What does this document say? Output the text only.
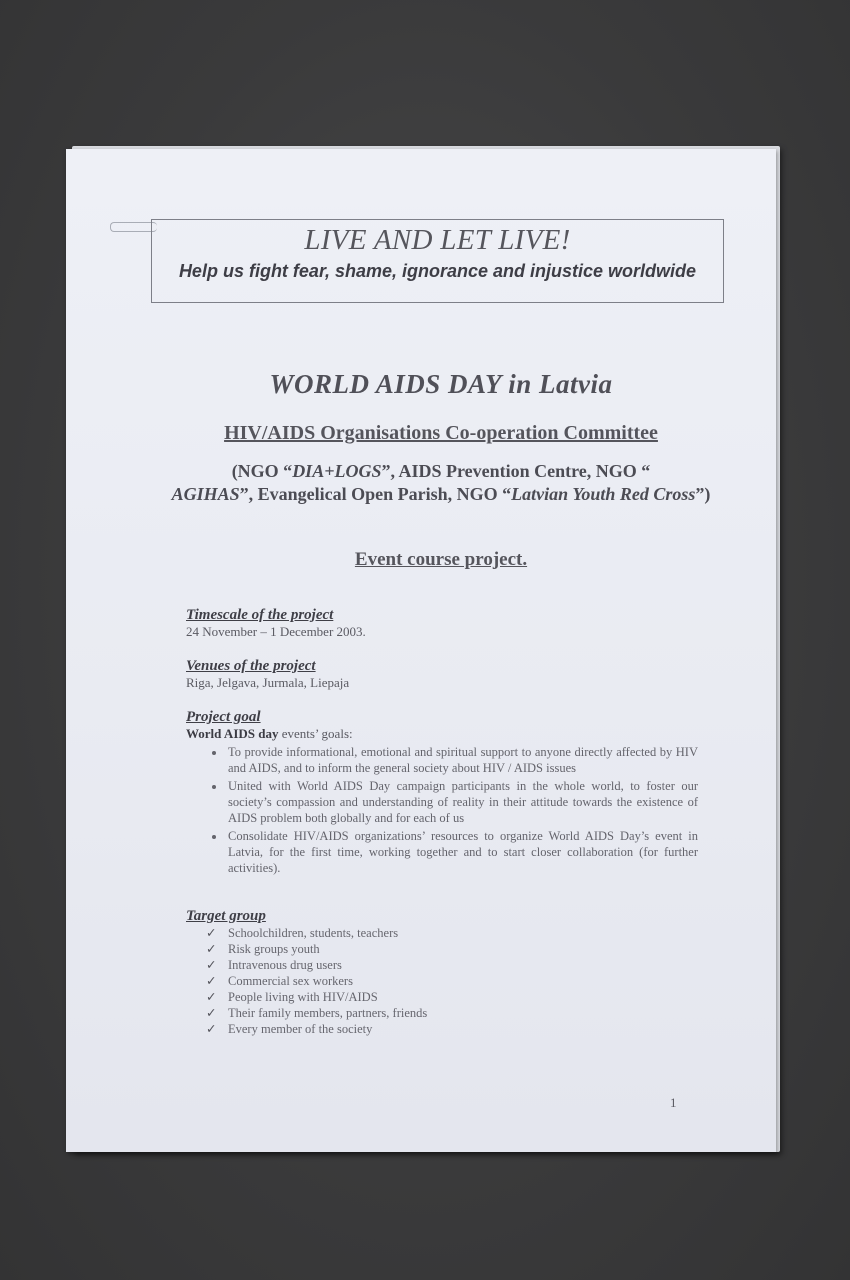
LIVE AND LET LIVE!
Help us fight fear, shame, ignorance and injustice worldwide
WORLD AIDS DAY in Latvia
HIV/AIDS Organisations Co-operation Committee
(NGO “DIA+LOGS”, AIDS Prevention Centre, NGO “
AGIHAS”, Evangelical Open Parish, NGO “Latvian Youth Red Cross”)
Event course project.
Timescale of the project
24 November – 1 December 2003.
Venues of the project
Riga, Jelgava, Jurmala, Liepaja
Project goal
World AIDS day events’ goals:
• To provide informational, emotional and spiritual support to anyone directly affected by HIV and AIDS, and to inform the general society about HIV / AIDS issues
• United with World AIDS Day campaign participants in the whole world, to foster our society’s compassion and understanding of reality in their attitude towards the existence of AIDS problem both globally and for each of us
• Consolidate HIV/AIDS organizations’ resources to organize World AIDS Day’s event in Latvia, for the first time, working together and to start closer collaboration (for further activities).
Target group
✓ Schoolchildren, students, teachers
✓ Risk groups youth
✓ Intravenous drug users
✓ Commercial sex workers
✓ People living with HIV/AIDS
✓ Their family members, partners, friends
✓ Every member of the society
1
